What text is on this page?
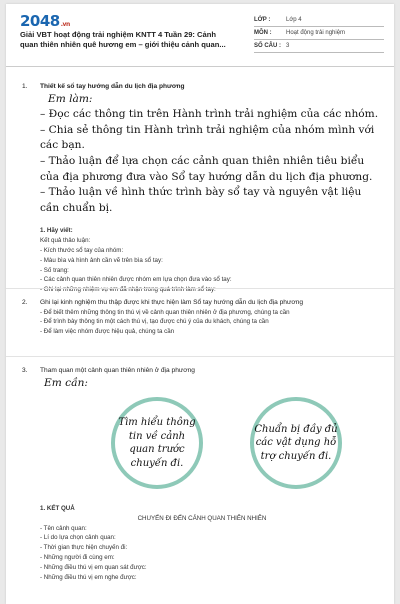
2048.vn
Giải VBT hoạt động trải nghiệm KNTT 4 Tuần 29: Cảnh quan thiên nhiên quê hương em – giới thiệu cảnh quan...
LỚP :	Lớp 4
MÔN :	Hoạt động trải nghiệm
SỐ CÂU : 3
1.	Thiết kế sổ tay hướng dẫn du lịch địa phương
Em làm:
– Đọc các thông tin trên Hành trình trải nghiệm của các nhóm.
– Chia sẻ thông tin Hành trình trải nghiệm của nhóm mình với các bạn.
– Thảo luận để lựa chọn các cảnh quan thiên nhiên tiêu biểu của địa phương đưa vào Sổ tay hướng dẫn du lịch địa phương.
– Thảo luận về hình thức trình bày sổ tay và nguyên vật liệu cần chuẩn bị.
1. Hãy viết:
Kết quả thảo luận:
- Kích thước sổ tay của nhóm:
- Màu bìa và hình ảnh cần vẽ trên bìa sổ tay:
- Số trang:
- Các cảnh quan thiên nhiên được nhóm em lựa chọn đưa vào sổ tay:
- Ghi lại những nhiệm vụ em đã nhận trong quá trình làm sổ tay:
2.	Ghi lại kinh nghiệm thu thập được khi thực hiện làm Sổ tay hướng dẫn du lịch địa phương
- Để biết thêm những thông tin thú vị về cảnh quan thiên nhiên ở địa phương, chúng ta cần
- Để trình bày thông tin một cách thú vị, tạo được chú ý của du khách, chúng ta cần
- Để làm việc nhóm được hiệu quả, chúng ta cần
3.	Tham quan một cảnh quan thiên nhiên ở địa phương
Em cần:
Tìm hiểu thông tin về cảnh quan trước chuyến đi.
Chuẩn bị đầy đủ các vật dụng hỗ trợ chuyến đi.
1. KẾT QUẢ
CHUYẾN ĐI ĐẾN CẢNH QUAN THIÊN NHIÊN
- Tên cảnh quan:
- Lí do lựa chọn cảnh quan:
- Thời gian thực hiện chuyến đi:
- Những người đi cùng em:
- Những điều thú vị em quan sát được:
- Những điều thú vị em nghe được:
